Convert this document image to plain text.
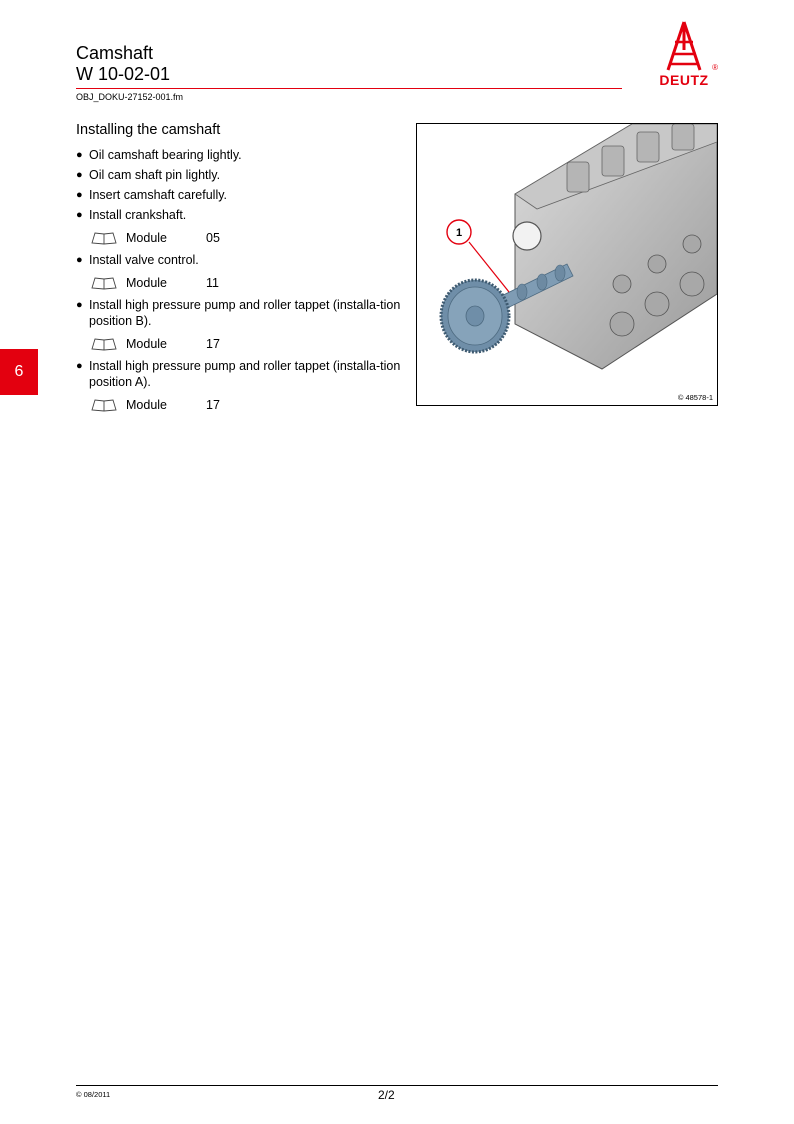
Camshaft
W 10-02-01
OBJ_DOKU-27152-001.fm
®
DEUTZ
Installing the camshaft
● Oil camshaft bearing lightly.
● Oil cam shaft pin lightly.
● Insert camshaft carefully.
● Install crankshaft.
Module	05
● Install valve control.
Module	11
● Install high pressure pump and roller tappet (installa-tion position B).
Module	17
● Install high pressure pump and roller tappet (installa-tion position A).
Module	17
1
© 48578-1
6
© 08/2011	2/2
